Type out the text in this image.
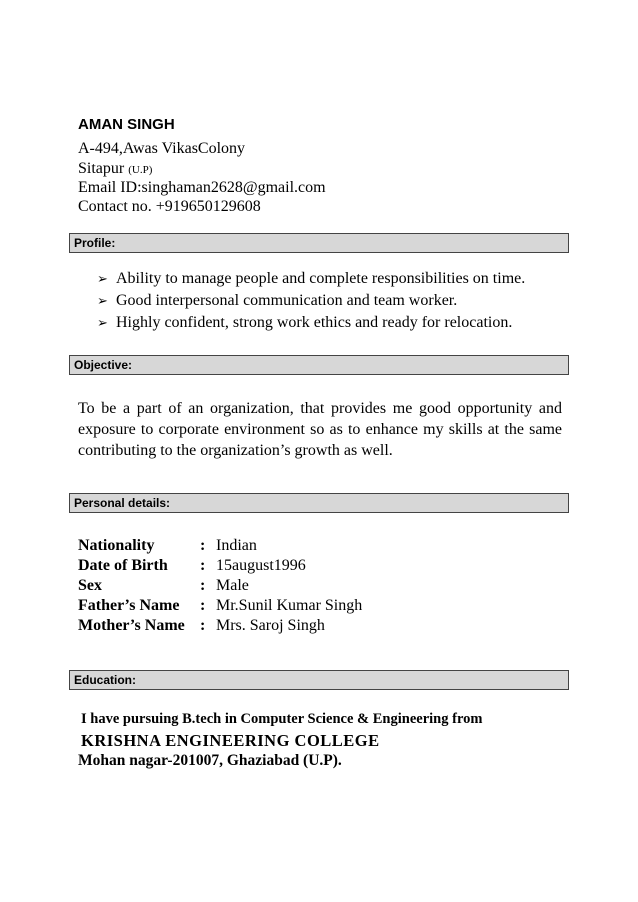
AMAN SINGH
A-494,Awas VikasColony
Sitapur (U.P)
Email ID:singhaman2628@gmail.com
Contact no. +919650129608
Profile:
➢ Ability to manage people and complete responsibilities on time.
➢ Good interpersonal communication and team worker.
➢ Highly confident, strong work ethics and ready for relocation.
Objective:
To be a part of an organization, that provides me good opportunity and exposure to corporate environment so as to enhance my skills at the same contributing to the organization’s growth as well.
Personal details:
Nationality	: Indian
Date of Birth : 15august1996
Sex	: Male
Father’s Name : Mr.Sunil Kumar Singh
Mother’s Name : Mrs. Saroj Singh
Education:
I have pursuing B.tech in Computer Science & Engineering from
KRISHNA ENGINEERING COLLEGE
Mohan nagar-201007, Ghaziabad (U.P).
